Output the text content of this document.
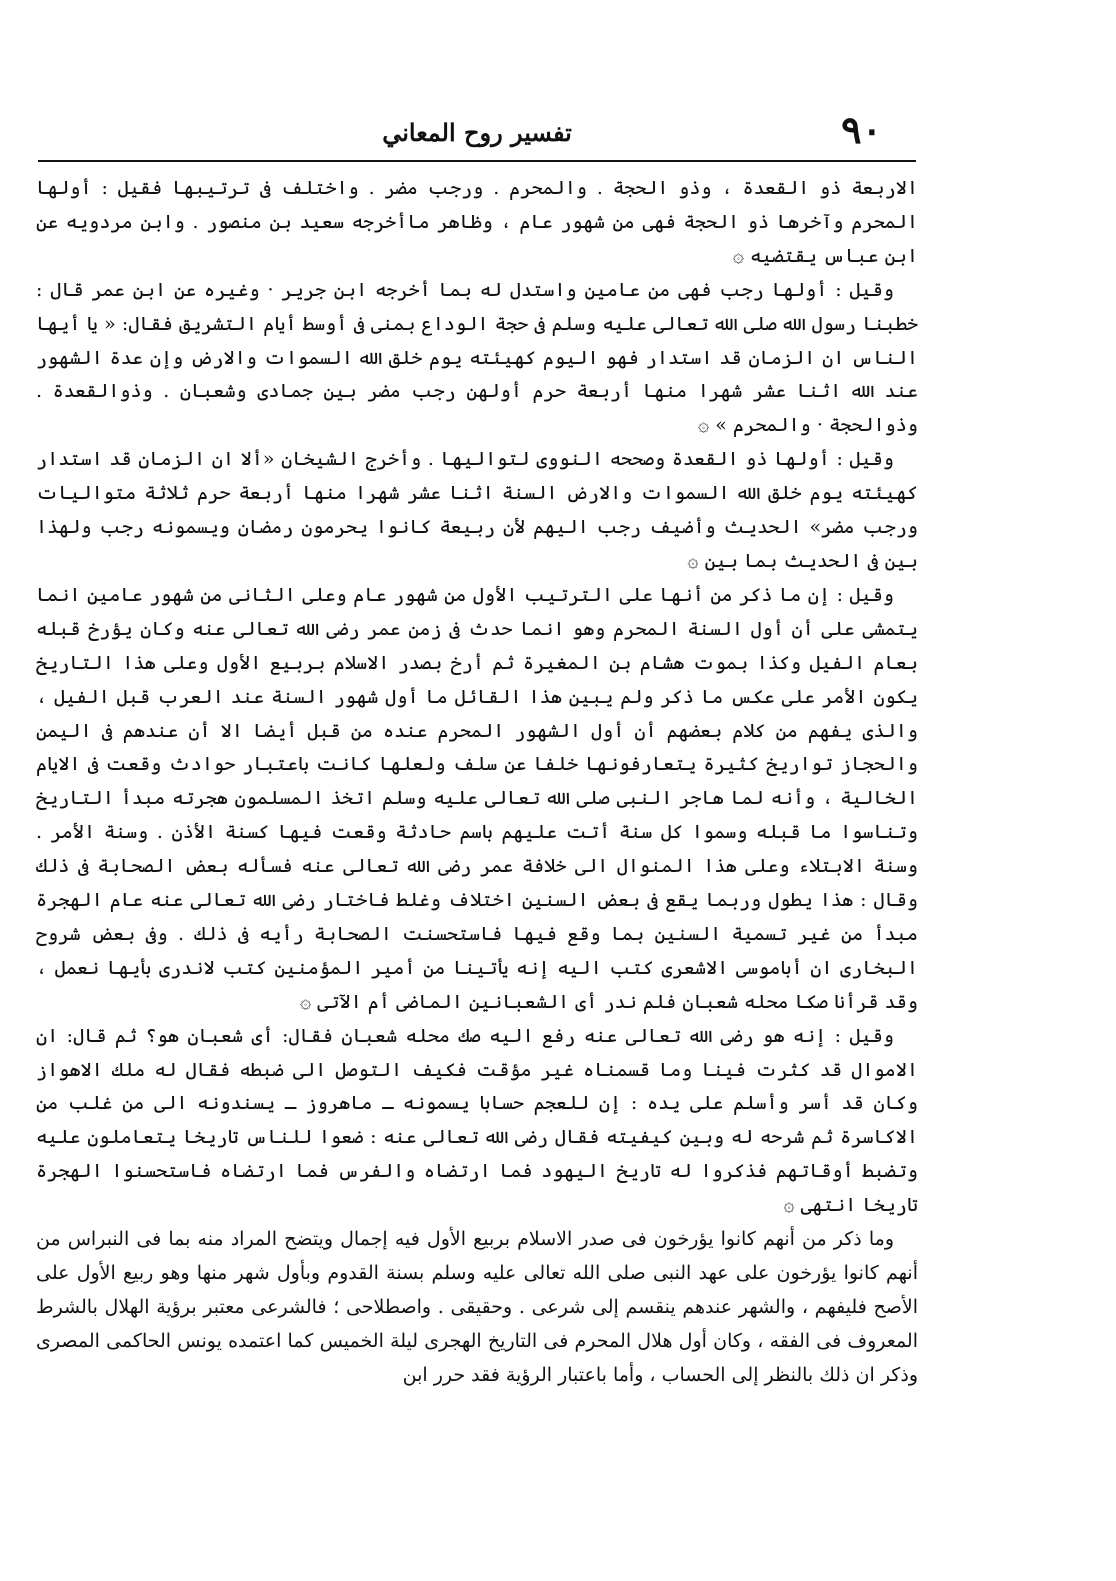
٩٠
تفسير روح المعاني

الاربعة ذو القعدة ، وذو الحجة . والمحرم . ورجب مضر . واختلف فى ترتيبها فقيل : أولها المحرم وآخرها ذو الحجة فهى من شهور عام ، وظاهر ماأخرجه سعيد بن منصور . وابن مردويه عن ابن عباس يقتضيه ‌۞

وقيل : أولها رجب فهى من عامين واستدل له بما أخرجه ابن جرير · وغيره عن ابن عمر قال : خطبنا رسول الله صلى الله تعالى عليه وسلم فى حجة الوداع بمنى فى أوسط أيام التشريق فقال: « يا أيها الناس ان الزمان قد استدار فهو اليوم كهيئته يوم خلق الله السموات والارض وإن عدة الشهور عند الله اثنا عشر شهرا منها أربعة حرم أولهن رجب مضر بين جمادى وشعبان . وذوالقعدة . وذوالحجة · والمحرم » ۞

وقيل : أولها ذو القعدة وصححه النووى لتواليها . وأخرج الشيخان «ألا ان الزمان قد استدار كهيئته يوم خلق الله السموات والارض السنة اثنا عشر شهرا منها أربعة حرم ثلاثة متواليات ورجب مضر» الحديث وأضيف رجب اليهم لأن ربيعة كانوا يحرمون رمضان ويسمونه رجب ولهذا بين فى الحديث بما بين ۞

وقيل : إن ما ذكر من أنها على الترتيب الأول من شهور عام وعلى الثانى من شهور عامين انما يتمشى على أن أول السنة المحرم وهو انما حدث فى زمن عمر رضى الله تعالى عنه وكان يؤرخ قبله بعام الفيل وكذا بموت هشام بن المغيرة ثم أرخ بصدر الاسلام بربيع الأول وعلى هذا التاريخ يكون الأمر على عكس ما ذكر ولم يبين هذا القائل ما أول شهور السنة عند العرب قبل الفيل ، والذى يفهم من كلام بعضهم أن أول الشهور المحرم عنده من قبل أيضا الا أن عندهم فى اليمن والحجاز تواريخ كثيرة يتعارفونها خلفا عن سلف ولعلها كانت باعتبار حوادث وقعت فى الايام الخالية ، وأنه لما هاجر النبى صلى الله تعالى عليه وسلم اتخذ المسلمون هجرته مبدأ التاريخ وتناسوا ما قبله وسموا كل سنة أتت عليهم باسم حادثة وقعت فيها كسنة الأذن . وسنة الأمر . وسنة الابتلاء وعلى هذا المنوال الى خلافة عمر رضى الله تعالى عنه فسأله بعض الصحابة فى ذلك وقال : هذا يطول وربما يقع فى بعض السنين اختلاف وغلط فاختار رضى الله تعالى عنه عام الهجرة مبدأ من غير تسمية السنين بما وقع فيها فاستحسنت الصحابة رأيه فى ذلك . وفى بعض شروح البخارى ان أباموسى الاشعرى كتب اليه إنه يأتينا من أمير المؤمنين كتب لاندرى بأيها نعمل ، وقد قرأنا صكا محله شعبان فلم ندر أى الشعبانين الماضى أم الآتى ۞

وقيل : إنه هو رضى الله تعالى عنه رفع اليه صك محله شعبان فقال: أى شعبان هو؟ ثم قال: ان الاموال قد كثرت فينا وما قسمناه غير مؤقت فكيف التوصل الى ضبطه فقال له ملك الاهواز وكان قد أسر وأسلم على يده : إن للعجم حسابا يسمونه ـ ماهروز ـ يسندونه الى من غلب من الاكاسرة ثم شرحه له وبين كيفيته فقال رضى الله تعالى عنه : ضعوا للناس تاريخا يتعاملون عليه وتضبط أوقاتهم فذكروا له تاريخ اليهود فما ارتضاه والفرس فما ارتضاه فاستحسنوا الهجرة تاريخا انتهى ۞

وما ذكر من أنهم كانوا يؤرخون فى صدر الاسلام بربيع الأول فيه إجمال ويتضح المراد منه بما فى النبراس من أنهم كانوا يؤرخون على عهد النبى صلى الله تعالى عليه وسلم بسنة القدوم وبأول شهر منها وهو ربيع الأول على الأصح فليفهم ، والشهر عندهم ينقسم إلى شرعى . وحقيقى . واصطلاحى ؛ فالشرعى معتبر برؤية الهلال بالشرط المعروف فى الفقه ، وكان أول هلال المحرم فى التاريخ الهجرى ليلة الخميس كما اعتمده يونس الحاكمى المصرى وذكر ان ذلك بالنظر إلى الحساب ، وأما باعتبار الرؤية فقد حرر ابن
